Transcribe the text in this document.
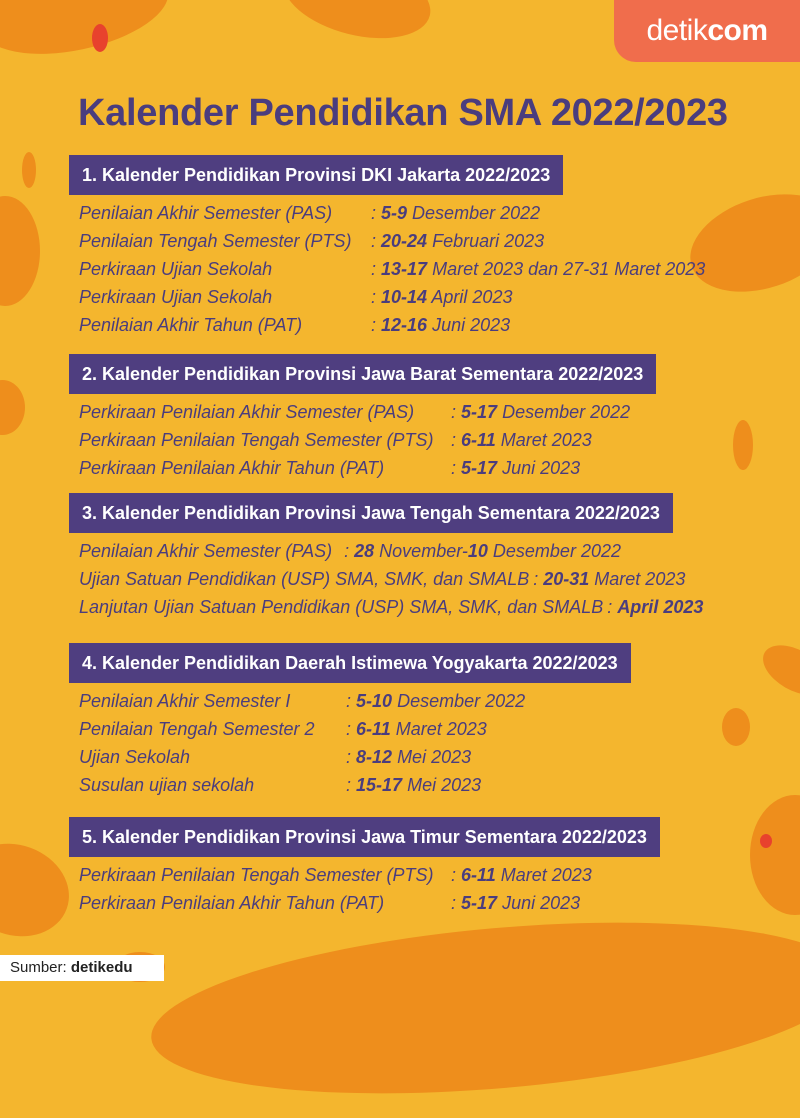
detikcom
Kalender Pendidikan SMA 2022/2023
1. Kalender Pendidikan Provinsi DKI Jakarta 2022/2023
Penilaian Akhir Semester (PAS) : 5-9 Desember 2022
Penilaian Tengah Semester (PTS) : 20-24 Februari 2023
Perkiraan Ujian Sekolah	: 13-17 Maret 2023 dan 27-31 Maret 2023
Perkiraan Ujian Sekolah	: 10-14 April 2023
Penilaian Akhir Tahun (PAT)	: 12-16 Juni 2023
2. Kalender Pendidikan Provinsi Jawa Barat Sementara 2022/2023
Perkiraan Penilaian Akhir Semester (PAS) : 5-17 Desember 2022
Perkiraan Penilaian Tengah Semester (PTS) : 6-11 Maret 2023
Perkiraan Penilaian Akhir Tahun (PAT)	: 5-17 Juni 2023
3. Kalender Pendidikan Provinsi Jawa Tengah Sementara 2022/2023
Penilaian Akhir Semester (PAS) : 28 November-10 Desember 2022
Ujian Satuan Pendidikan (USP) SMA, SMK, dan SMALB : 20-31 Maret 2023
Lanjutan Ujian Satuan Pendidikan (USP) SMA, SMK, dan SMALB : April 2023
4. Kalender Pendidikan Daerah Istimewa Yogyakarta 2022/2023
Penilaian Akhir Semester I	: 5-10 Desember 2022
Penilaian Tengah Semester 2 : 6-11 Maret 2023
Ujian Sekolah	: 8-12 Mei 2023
Susulan ujian sekolah	: 15-17 Mei 2023
5. Kalender Pendidikan Provinsi Jawa Timur Sementara 2022/2023
Perkiraan Penilaian Tengah Semester (PTS) : 6-11 Maret 2023
Perkiraan Penilaian Akhir Tahun (PAT)	: 5-17 Juni 2023
Sumber: detikedu
